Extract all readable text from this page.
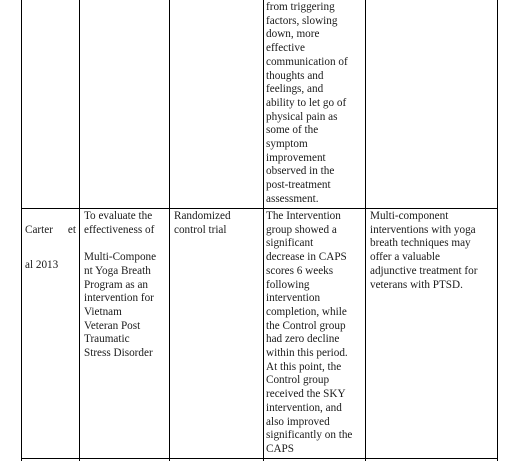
from triggering
factors, slowing
down, more
effective
communication of
thoughts and
feelings, and
ability to let go of
physical pain as
some of the
symptom
improvement
observed in the
post-treatment
assessment.

Carter et

al 2013

To evaluate the
effectiveness of

Multi-Compone
nt Yoga Breath
Program as an
intervention for
Vietnam
Veteran Post
Traumatic
Stress Disorder
Randomized
control trial
The Intervention
group showed a
significant
decrease in CAPS
scores 6 weeks
following
intervention
completion, while
the Control group
had zero decline
within this period.
At this point, the
Control group
received the SKY
intervention, and
also improved
significantly on the
CAPS
Multi-component
interventions with yoga
breath techniques may
offer a valuable
adjunctive treatment for
veterans with PTSD.
